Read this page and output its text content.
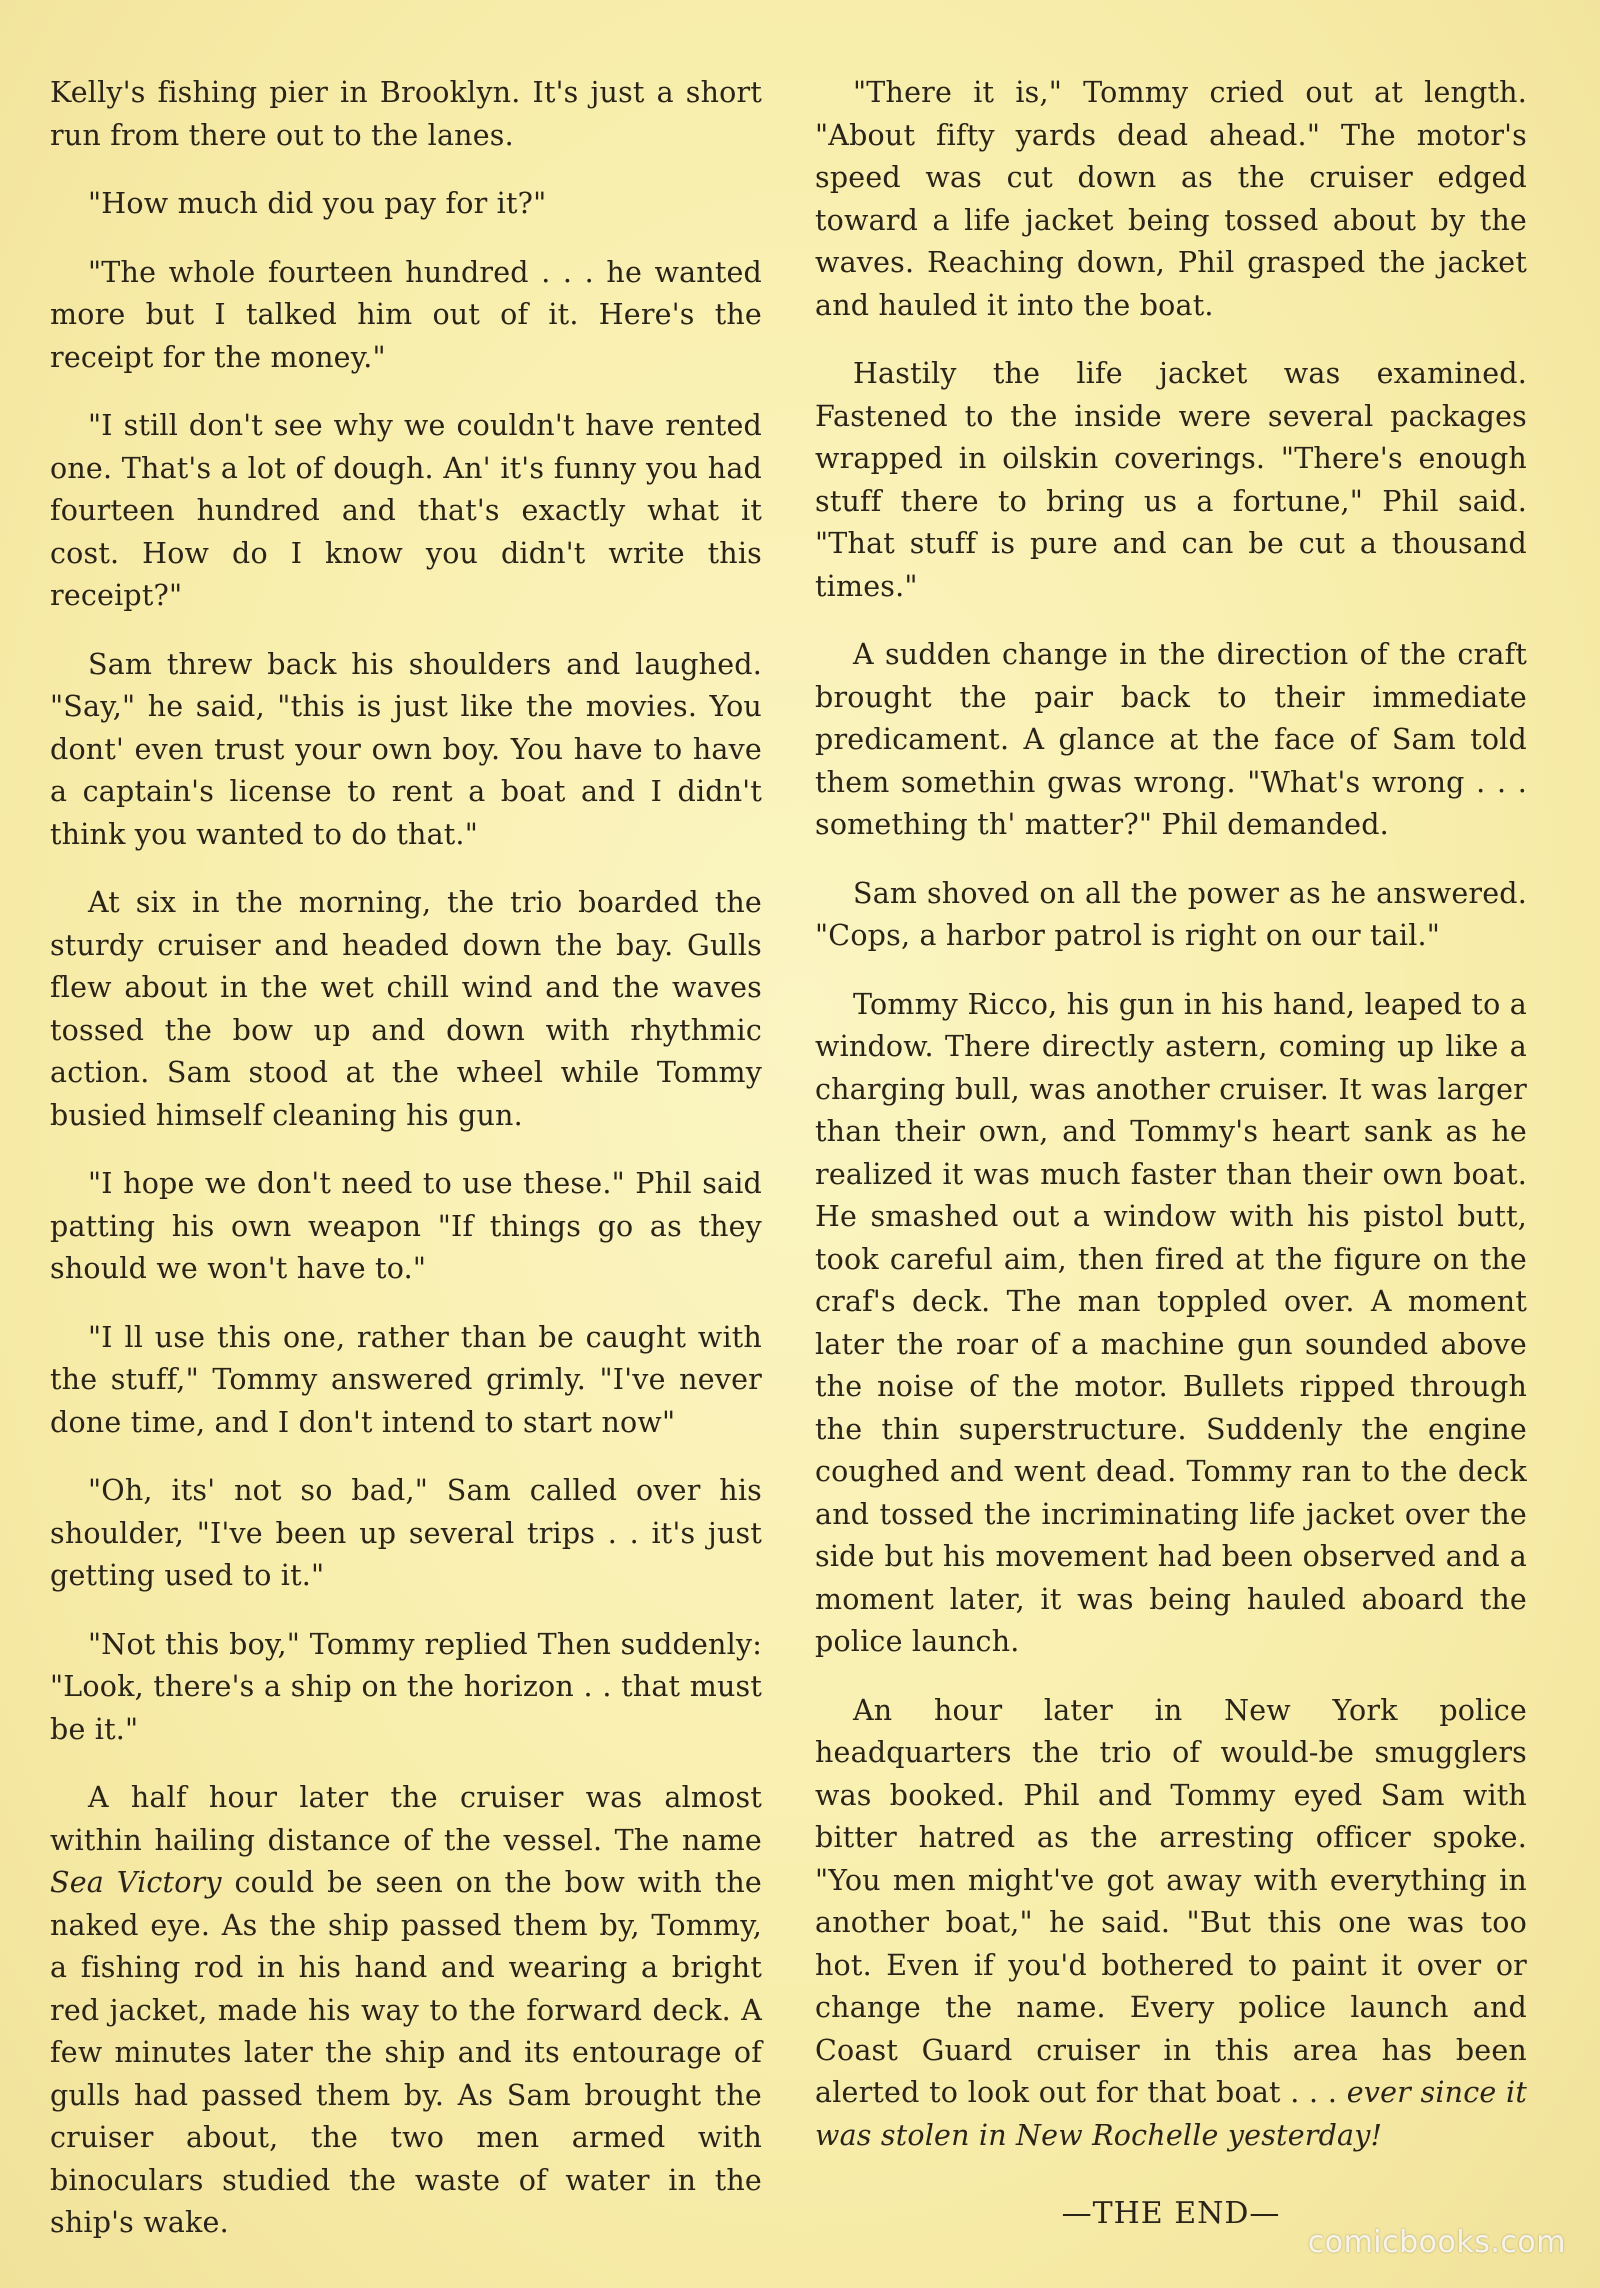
Kelly's fishing pier in Brooklyn. It's just a short run from there out to the lanes.

"How much did you pay for it?"

"The whole fourteen hundred . . . he wanted more but I talked him out of it. Here's the receipt for the money."

"I still don't see why we couldn't have rented one. That's a lot of dough. An' it's funny you had fourteen hundred and that's exactly what it cost. How do I know you didn't write this receipt?"

Sam threw back his shoulders and laughed. "Say," he said, "this is just like the movies. You dont' even trust your own boy. You have to have a captain's license to rent a boat and I didn't think you wanted to do that."

At six in the morning, the trio boarded the sturdy cruiser and headed down the bay. Gulls flew about in the wet chill wind and the waves tossed the bow up and down with rhythmic action. Sam stood at the wheel while Tommy busied himself cleaning his gun.

"I hope we don't need to use these." Phil said patting his own weapon "If things go as they should we won't have to."

"I ll use this one, rather than be caught with the stuff," Tommy answered grimly. "I've never done time, and I don't intend to start now"

"Oh, its' not so bad," Sam called over his shoulder, "I've been up several trips . . it's just getting used to it."

"Not this boy," Tommy replied Then suddenly: "Look, there's a ship on the horizon . . that must be it."

A half hour later the cruiser was almost within hailing distance of the vessel. The name Sea Victory could be seen on the bow with the naked eye. As the ship passed them by, Tommy, a fishing rod in his hand and wearing a bright red jacket, made his way to the forward deck. A few minutes later the ship and its entourage of gulls had passed them by. As Sam brought the cruiser about, the two men armed with binoculars studied the waste of water in the ship's wake.

"There it is," Tommy cried out at length. "About fifty yards dead ahead." The motor's speed was cut down as the cruiser edged toward a life jacket being tossed about by the waves. Reaching down, Phil grasped the jacket and hauled it into the boat.

Hastily the life jacket was examined. Fastened to the inside were several packages wrapped in oilskin coverings. "There's enough stuff there to bring us a fortune," Phil said. "That stuff is pure and can be cut a thousand times."

A sudden change in the direction of the craft brought the pair back to their immediate predicament. A glance at the face of Sam told them somethin gwas wrong. "What's wrong . . . something th' matter?" Phil demanded.

Sam shoved on all the power as he answered. "Cops, a harbor patrol is right on our tail."

Tommy Ricco, his gun in his hand, leaped to a window. There directly astern, coming up like a charging bull, was another cruiser. It was larger than their own, and Tommy's heart sank as he realized it was much faster than their own boat. He smashed out a window with his pistol butt, took careful aim, then fired at the figure on the craf's deck. The man toppled over. A moment later the roar of a machine gun sounded above the noise of the motor. Bullets ripped through the thin superstructure. Suddenly the engine coughed and went dead. Tommy ran to the deck and tossed the incriminating life jacket over the side but his movement had been observed and a moment later, it was being hauled aboard the police launch.

An hour later in New York police headquarters the trio of would-be smugglers was booked. Phil and Tommy eyed Sam with bitter hatred as the arresting officer spoke. "You men might've got away with everything in another boat," he said. "But this one was too hot. Even if you'd bothered to paint it over or change the name. Every police launch and Coast Guard cruiser in this area has been alerted to look out for that boat . . . ever since it was stolen in New Rochelle yesterday!

—THE END—

comicbooks.com
